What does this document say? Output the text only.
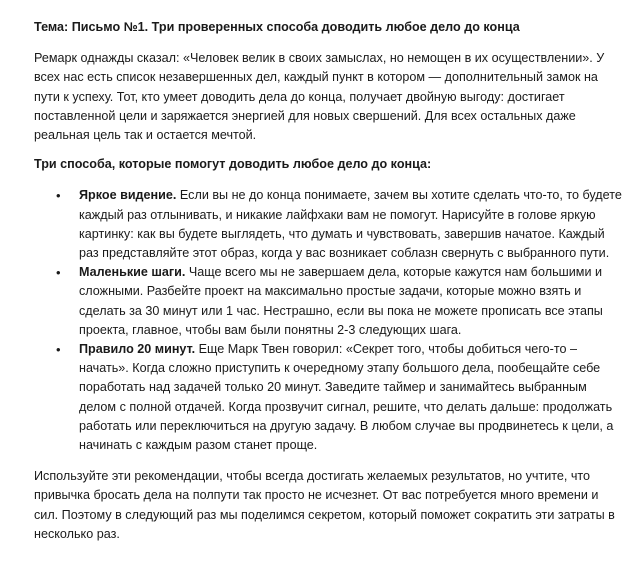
Тема: Письмо №1. Три проверенных способа доводить любое дело до конца

Ремарк однажды сказал: «Человек велик в своих замыслах, но немощен в их осуществлении». У всех нас есть список незавершенных дел, каждый пункт в котором — дополнительный замок на пути к успеху. Тот, кто умеет доводить дела до конца, получает двойную выгоду: достигает поставленной цели и заряжается энергией для новых свершений. Для всех остальных даже реальная цель так и остается мечтой.

Три способа, которые помогут доводить любое дело до конца:
• Яркое видение. Если вы не до конца понимаете, зачем вы хотите сделать что-то, то будете каждый раз отлынивать, и никакие лайфхаки вам не помогут. Нарисуйте в голове яркую картинку: как вы будете выглядеть, что думать и чувствовать, завершив начатое. Каждый раз представляйте этот образ, когда у вас возникает соблазн свернуть с выбранного пути.
• Маленькие шаги. Чаще всего мы не завершаем дела, которые кажутся нам большими и сложными. Разбейте проект на максимально простые задачи, которые можно взять и сделать за 30 минут или 1 час. Нестрашно, если вы пока не можете прописать все этапы проекта, главное, чтобы вам были понятны 2-3 следующих шага.
• Правило 20 минут. Еще Марк Твен говорил: «Секрет того, чтобы добиться чего-то – начать». Когда сложно приступить к очередному этапу большого дела, пообещайте себе поработать над задачей только 20 минут. Заведите таймер и занимайтесь выбранным делом с полной отдачей. Когда прозвучит сигнал, решите, что делать дальше: продолжать работать или переключиться на другую задачу. В любом случае вы продвинетесь к цели, а начинать с каждым разом станет проще.

Используйте эти рекомендации, чтобы всегда достигать желаемых результатов, но учтите, что привычка бросать дела на полпути так просто не исчезнет. От вас потребуется много времени и сил. Поэтому в следующий раз мы поделимся секретом, который поможет сократить эти затраты в несколько раз.
